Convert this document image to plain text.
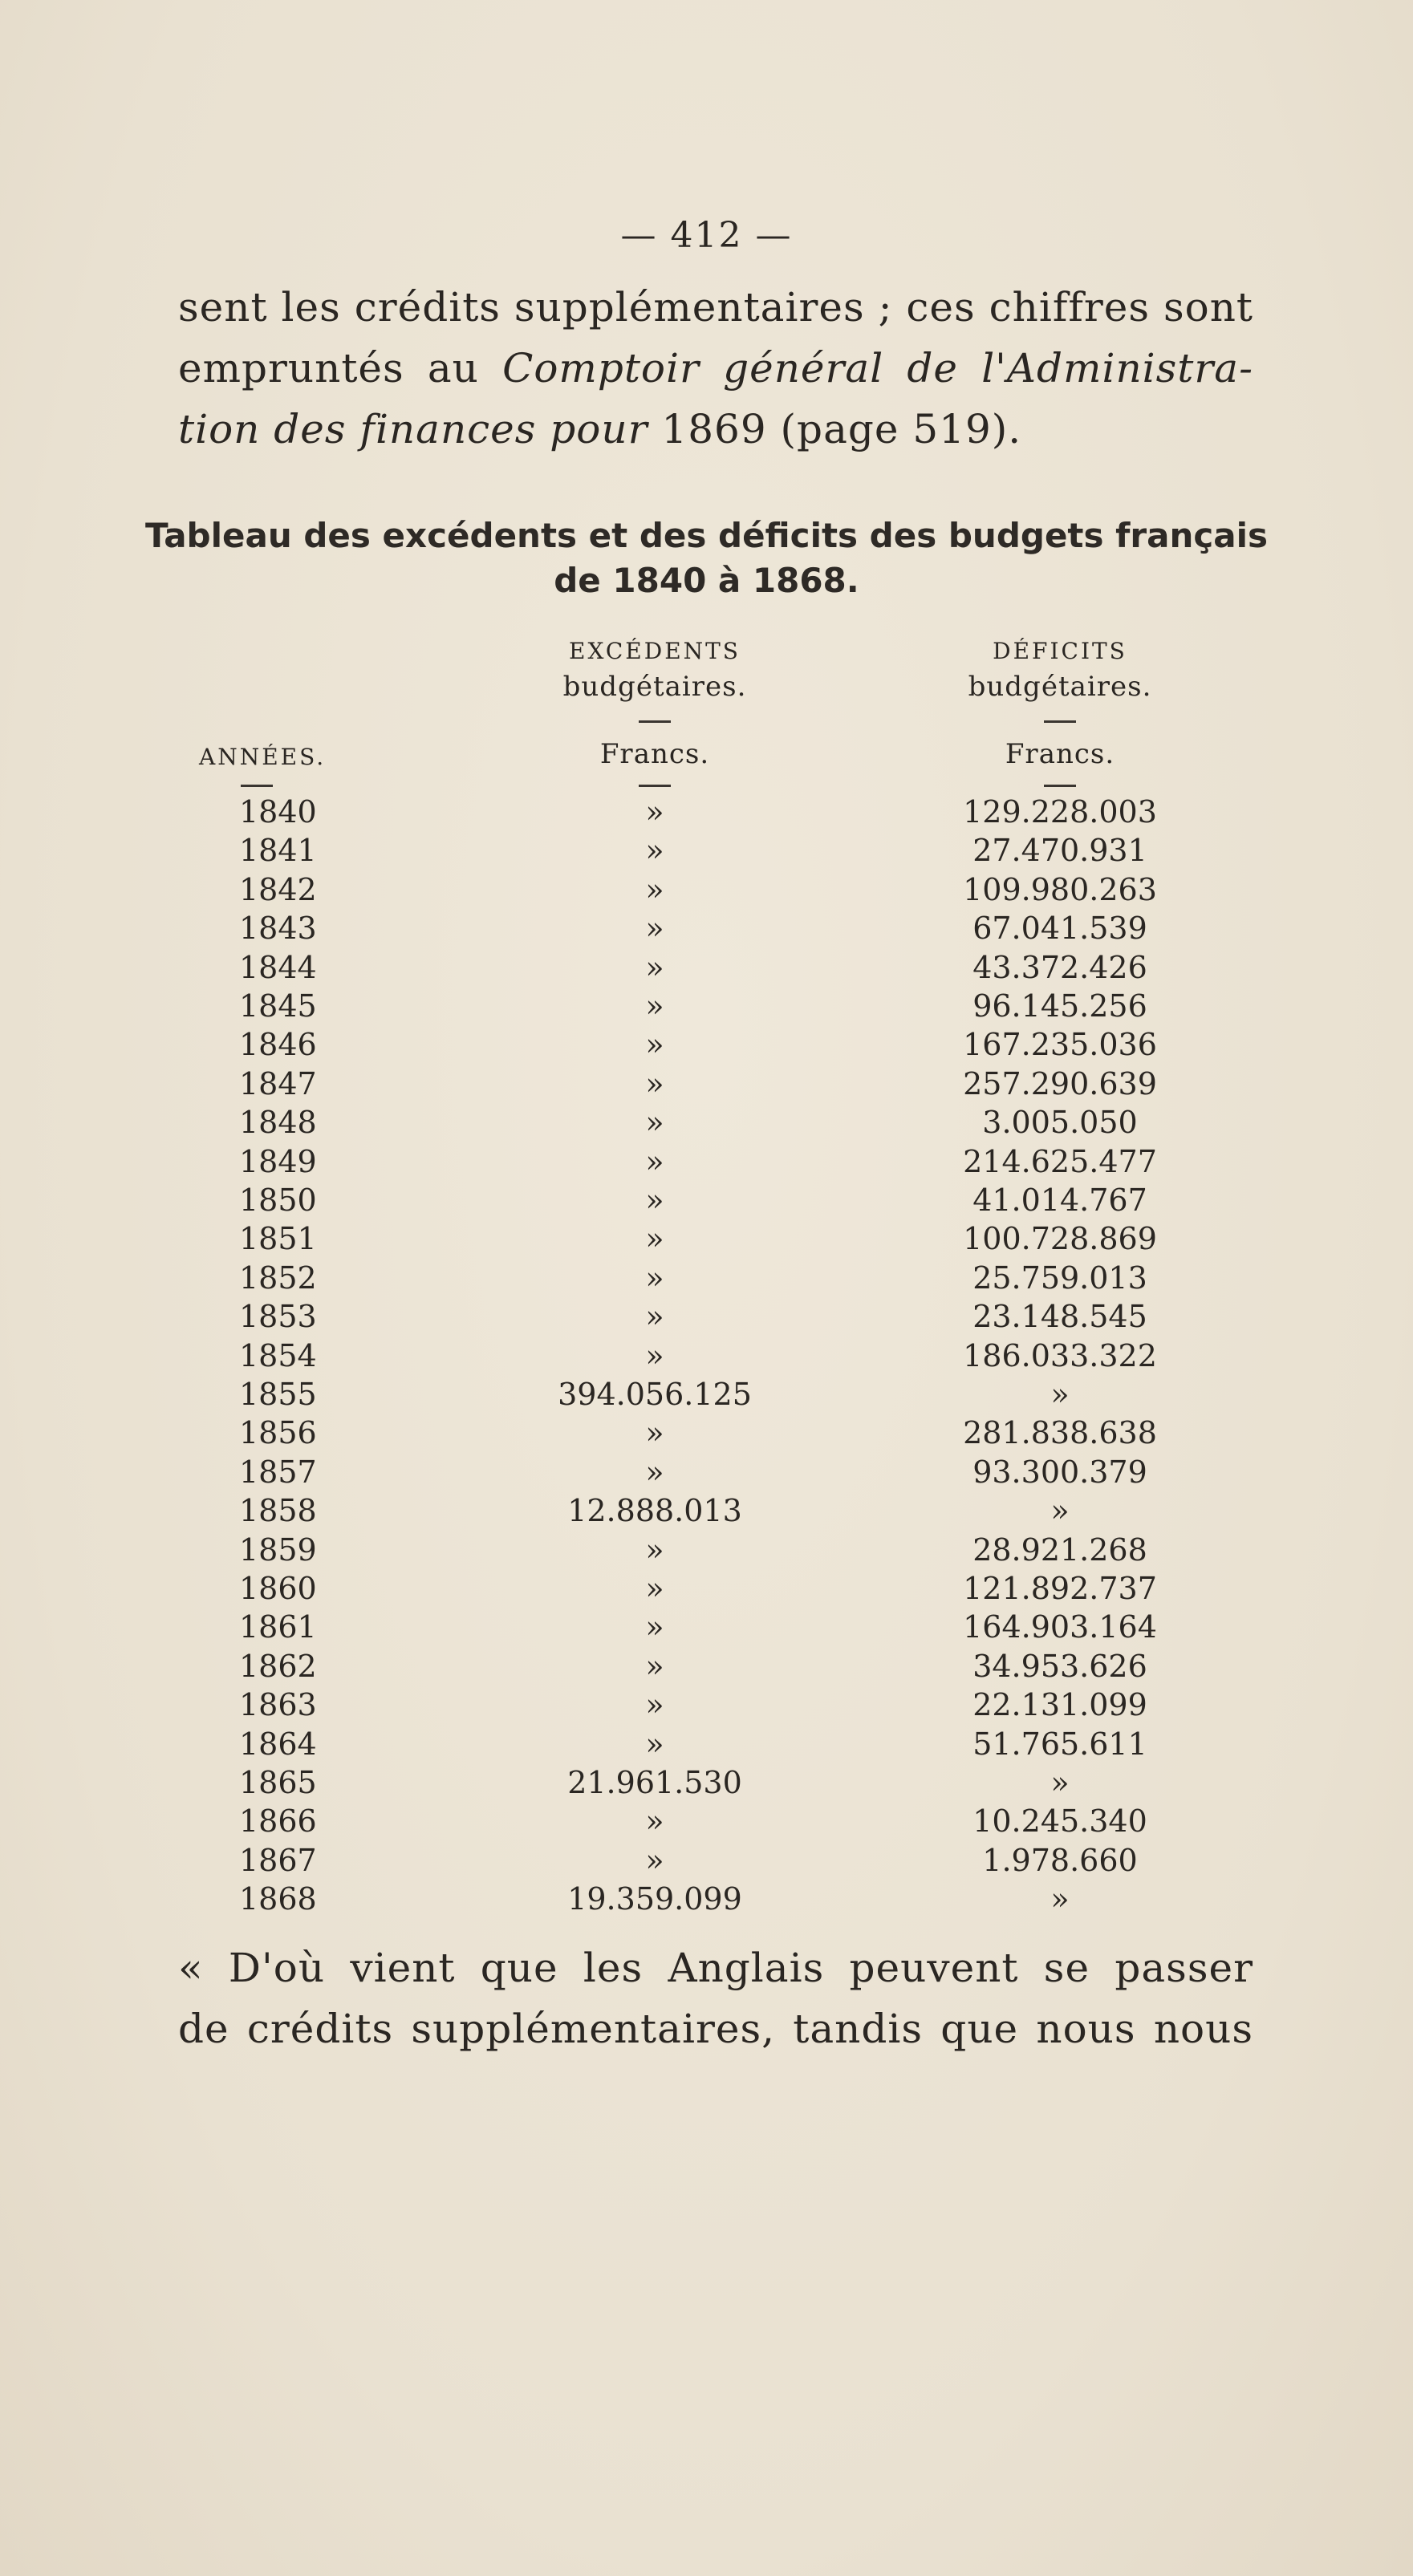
— 412 —
sent les crédits supplémentaires ; ces chiffres sont
empruntés au Comptoir général de l'Administra-
tion des finances pour 1869 (page 519).
Tableau des excédents et des déficits des budgets français
de 1840 à 1868.
EXCÉDENTS
budgétaires.
Francs.
DÉFICITS
budgétaires.
Francs.
ANNÉES.
1840	»	129.228.003
1841	»	27.470.931
1842	»	109.980.263
1843	»	67.041.539
1844	»	43.372.426
1845	»	96.145.256
1846	»	167.235.036
1847	»	257.290.639
1848	»	3.005.050
1849	»	214.625.477
1850	»	41.014.767
1851	»	100.728.869
1852	»	25.759.013
1853	»	23.148.545
1854	»	186.033.322
1855	394.056.125	»
1856	»	281.838.638
1857	»	93.300.379
1858	12.888.013	»
1859	»	28.921.268
1860	»	121.892.737
1861	»	164.903.164
1862	»	34.953.626
1863	»	22.131.099
1864	»	51.765.611
1865	21.961.530	»
1866	»	10.245.340
1867	»	1.978.660
1868	19.359.099	»
« D'où vient que les Anglais peuvent se passer
de crédits supplémentaires, tandis que nous nous
